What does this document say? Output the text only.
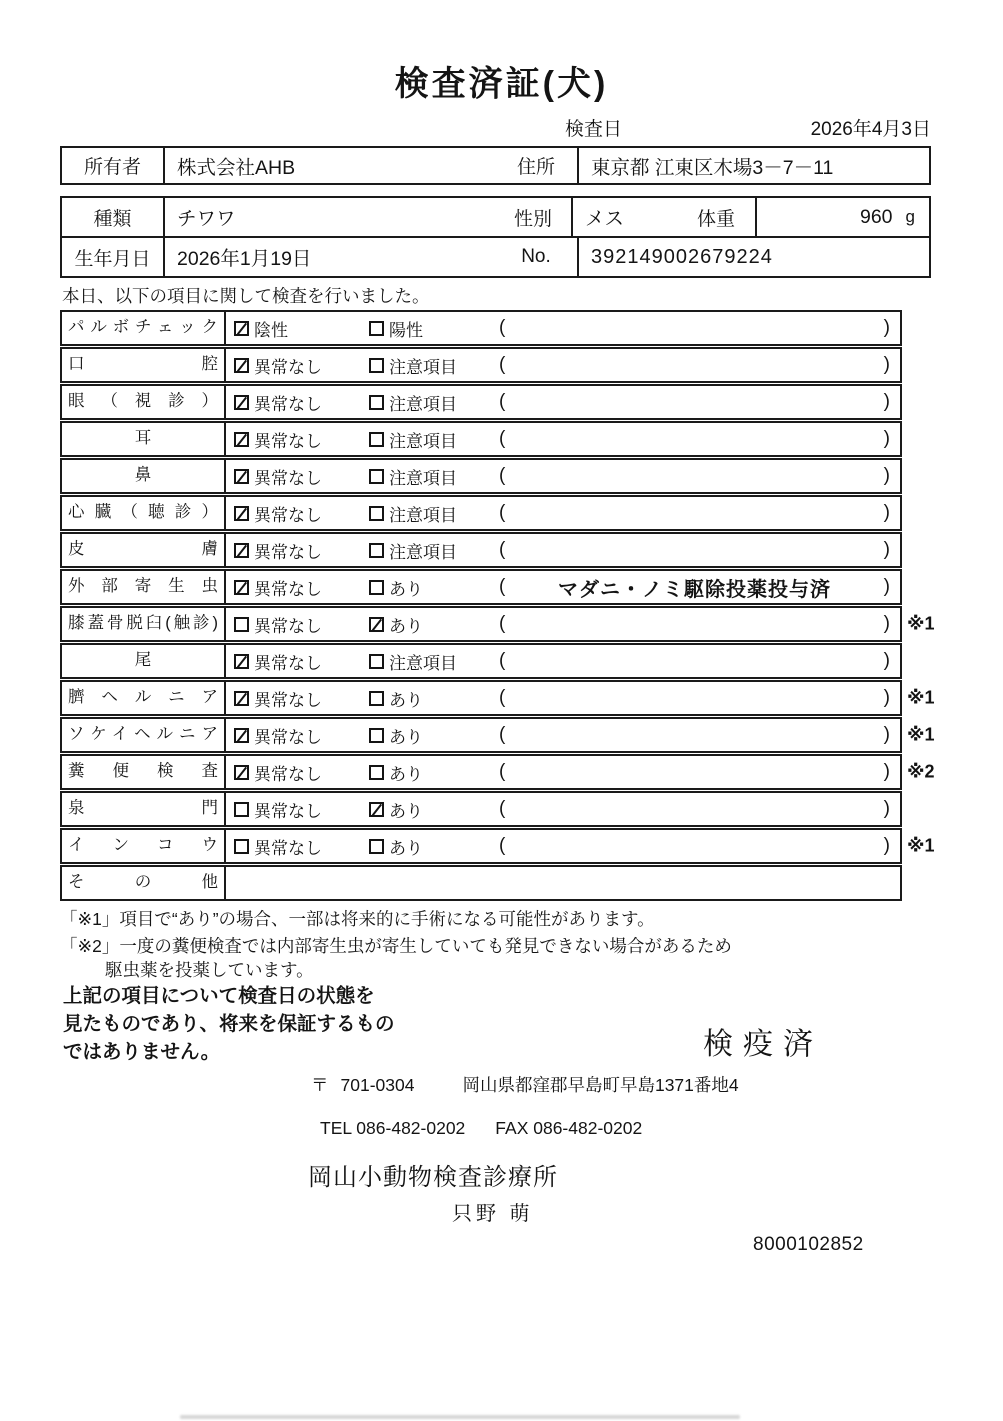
検査済証(犬)
検査日	2026年4月3日
所有者	株式会社AHB	住所	東京都 江東区木場3－7－11
種類	チワワ	性別	メス	体重	960 g
生年月日	2026年1月19日	No.	392149002679224
本日、以下の項目に関して検査を行いました。
パルボチェック	陰性	陽性	(	)
口腔	異常なし	注意項目 (	)
眼（視診）	異常なし	注意項目 (	)
耳	異常なし	注意項目 (	)
鼻	異常なし	注意項目 (	)
心臓（聴診）	異常なし	注意項目 (	)
皮膚	異常なし	注意項目 (	)
外部寄生虫	異常なし	あり	(	マダニ・ノミ駆除投薬投与済	)
膝蓋骨脱臼(触診)	異常なし	あり	(	) ※1
尾	異常なし	注意項目 (	)
臍ヘルニア	異常なし	あり	(	) ※1
ソケイヘルニア	異常なし	あり	(	) ※1
糞便検査	異常なし	あり	(	) ※2
泉門	異常なし	あり	(	)
インコウ	異常なし	あり	(	) ※1
その他
「※1」項目で“あり”の場合、一部は将来的に手術になる可能性があります。
「※2」一度の糞便検査では内部寄生虫が寄生していても発見できない場合があるため
駆虫薬を投薬しています。
上記の項目について検査日の状態を
見たものであり、将来を保証するもの
ではありません。	検疫済
〒 701-0304	岡山県都窪郡早島町早島1371番地4
TEL 086-482-0202 FAX 086-482-0202
岡山小動物検査診療所
只野 萌
8000102852
